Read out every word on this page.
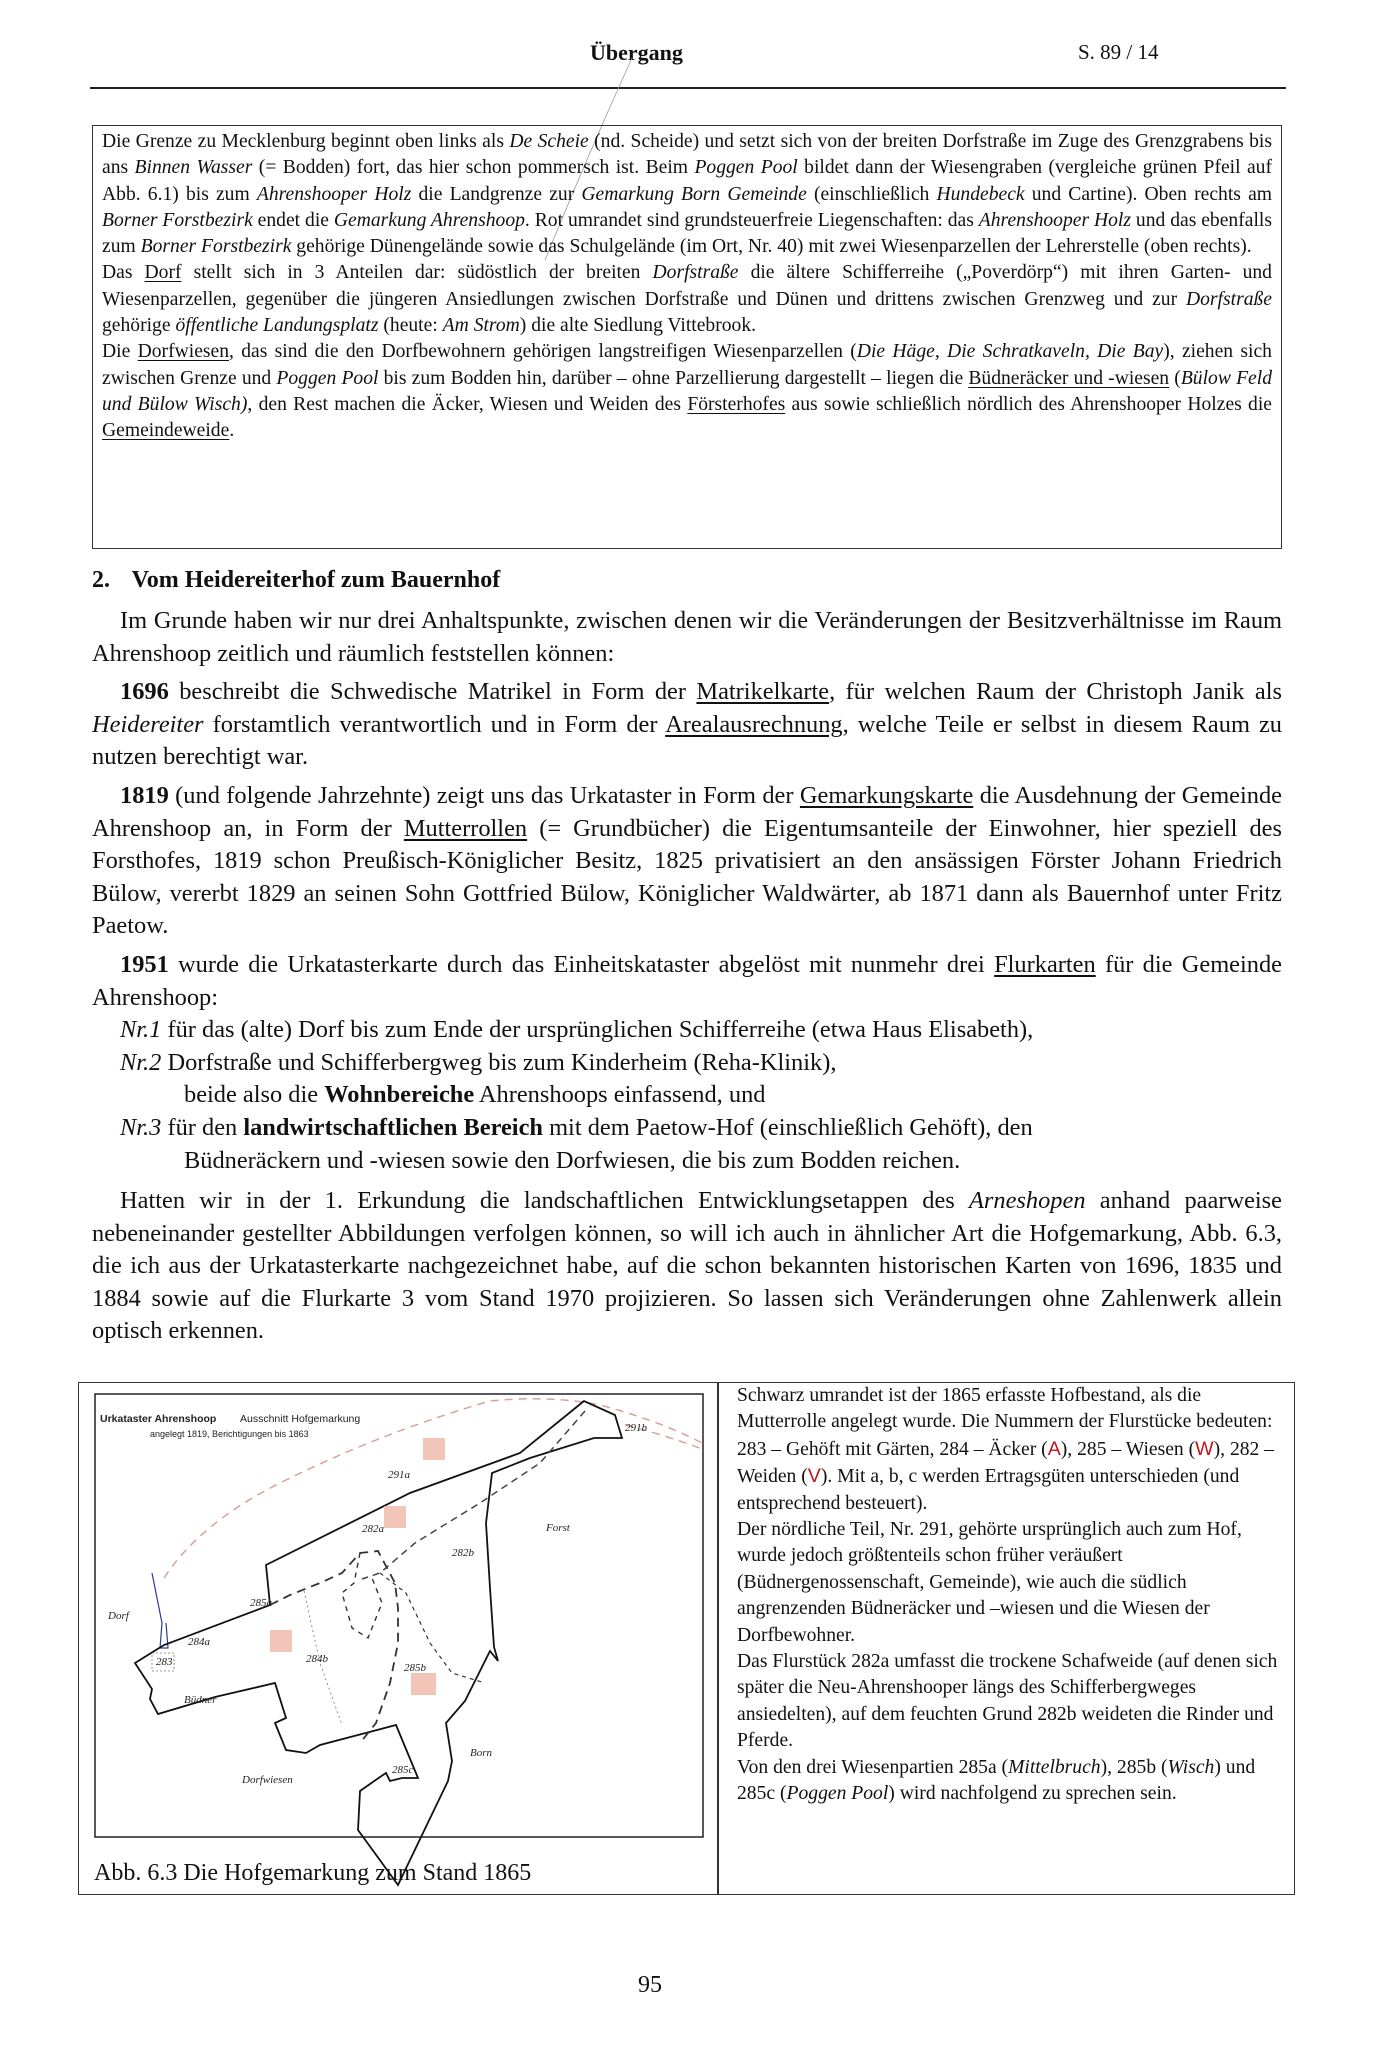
Übergang	S. 89 / 14

Die Grenze zu Mecklenburg beginnt oben links als De Scheie (nd. Scheide) und setzt sich von der breiten Dorfstraße im Zuge des Grenzgrabens bis ans Binnen Wasser (= Bodden) fort, das hier schon pommersch ist. Beim Poggen Pool bildet dann der Wiesengraben (vergleiche grünen Pfeil auf Abb. 6.1) bis zum Ahrenshooper Holz die Landgrenze zur Gemarkung Born Gemeinde (einschließlich Hundebeck und Cartine). Oben rechts am Borner Forstbezirk endet die Gemarkung Ahrenshoop. Rot umrandet sind grundsteuerfreie Liegenschaften: das Ahrenshooper Holz und das ebenfalls zum Borner Forstbezirk gehörige Dünengelände sowie das Schulgelände (im Ort, Nr. 40) mit zwei Wiesenparzellen der Lehrerstelle (oben rechts).

Das Dorf stellt sich in 3 Anteilen dar: südöstlich der breiten Dorfstraße die ältere Schifferreihe („Poverdörp“) mit ihren Garten- und Wiesenparzellen, gegenüber die jüngeren Ansiedlungen zwischen Dorfstraße und Dünen und drittens zwischen Grenzweg und zur Dorfstraße gehörige öffentliche Landungsplatz (heute: Am Strom) die alte Siedlung Vittebrook.

Die Dorfwiesen, das sind die den Dorfbewohnern gehörigen langstreifigen Wiesenparzellen (Die Häge, Die Schratkaveln, Die Bay), ziehen sich zwischen Grenze und Poggen Pool bis zum Bodden hin, darüber – ohne Parzellierung dargestellt – liegen die Büdneräcker und -wiesen (Bülow Feld und Bülow Wisch), den Rest machen die Äcker, Wiesen und Weiden des Försterhofes aus sowie schließlich nördlich des Ahrenshooper Holzes die Gemeindeweide.

2. Vom Heidereiterhof zum Bauernhof

Im Grunde haben wir nur drei Anhaltspunkte, zwischen denen wir die Veränderungen der Besitzverhältnisse im Raum Ahrenshoop zeitlich und räumlich feststellen können:

1696 beschreibt die Schwedische Matrikel in Form der Matrikelkarte, für welchen Raum der Christoph Janik als Heidereiter forstamtlich verantwortlich und in Form der Arealausrechnung, welche Teile er selbst in diesem Raum zu nutzen berechtigt war.

1819 (und folgende Jahrzehnte) zeigt uns das Urkataster in Form der Gemarkungskarte die Ausdehnung der Gemeinde Ahrenshoop an, in Form der Mutterrollen (= Grundbücher) die Eigentumsanteile der Einwohner, hier speziell des Forsthofes, 1819 schon Preußisch-Königlicher Besitz, 1825 privatisiert an den ansässigen Förster Johann Friedrich Bülow, vererbt 1829 an seinen Sohn Gottfried Bülow, Königlicher Waldwärter, ab 1871 dann als Bauernhof unter Fritz Paetow.

1951 wurde die Urkatasterkarte durch das Einheitskataster abgelöst mit nunmehr drei Flurkarten für die Gemeinde Ahrenshoop:

Nr.1 für das (alte) Dorf bis zum Ende der ursprünglichen Schifferreihe (etwa Haus Elisabeth),
Nr.2 Dorfstraße und Schifferbergweg bis zum Kinderheim (Reha-Klinik),
beide also die Wohnbereiche Ahrenshoops einfassend, und
Nr.3 für den landwirtschaftlichen Bereich mit dem Paetow-Hof (einschließlich Gehöft), den
Büdneräckern und -wiesen sowie den Dorfwiesen, die bis zum Bodden reichen.

Hatten wir in der 1. Erkundung die landschaftlichen Entwicklungsetappen des Arneshopen anhand paarweise nebeneinander gestellter Abbildungen verfolgen können, so will ich auch in ähnlicher Art die Hofgemarkung, Abb. 6.3, die ich aus der Urkatasterkarte nachgezeichnet habe, auf die schon bekannten historischen Karten von 1696, 1835 und 1884 sowie auf die Flurkarte 3 vom Stand 1970 projizieren. So lassen sich Veränderungen ohne Zahlenwerk allein optisch erkennen.

291b
291a
282a
282b
Forst
Dorf
285a
284a
283	284b
285b
Büdner
Born
285c
Dorfwiesen
Urkataster Ahrenshoop Ausschnitt Hofgemarkung
angelegt 1819, Berichtigungen bis 1863
Abb. 6.3 Die Hofgemarkung zum Stand 1865

Schwarz umrandet ist der 1865 erfasste Hofbestand, als die Mutterrolle angelegt wurde. Die Nummern der Flurstücke bedeuten: 283 – Gehöft mit Gärten, 284 – Äcker (A), 285 – Wiesen (W), 282 – Weiden (V). Mit a, b, c werden Ertragsgüten unterschieden (und entsprechend besteuert).

Der nördliche Teil, Nr. 291, gehörte ursprünglich auch zum Hof, wurde jedoch größtenteils schon früher veräußert (Büdnergenossenschaft, Gemeinde), wie auch die südlich angrenzenden Büdneräcker und –wiesen und die Wiesen der Dorfbewohner.

Das Flurstück 282a umfasst die trockene Schafweide (auf denen sich später die Neu-Ahrenshooper längs des Schifferbergweges ansiedelten), auf dem feuchten Grund 282b weideten die Rinder und Pferde.

Von den drei Wiesenpartien 285a (Mittelbruch), 285b (Wisch) und 285c (Poggen Pool) wird nachfolgend zu sprechen sein.

95
